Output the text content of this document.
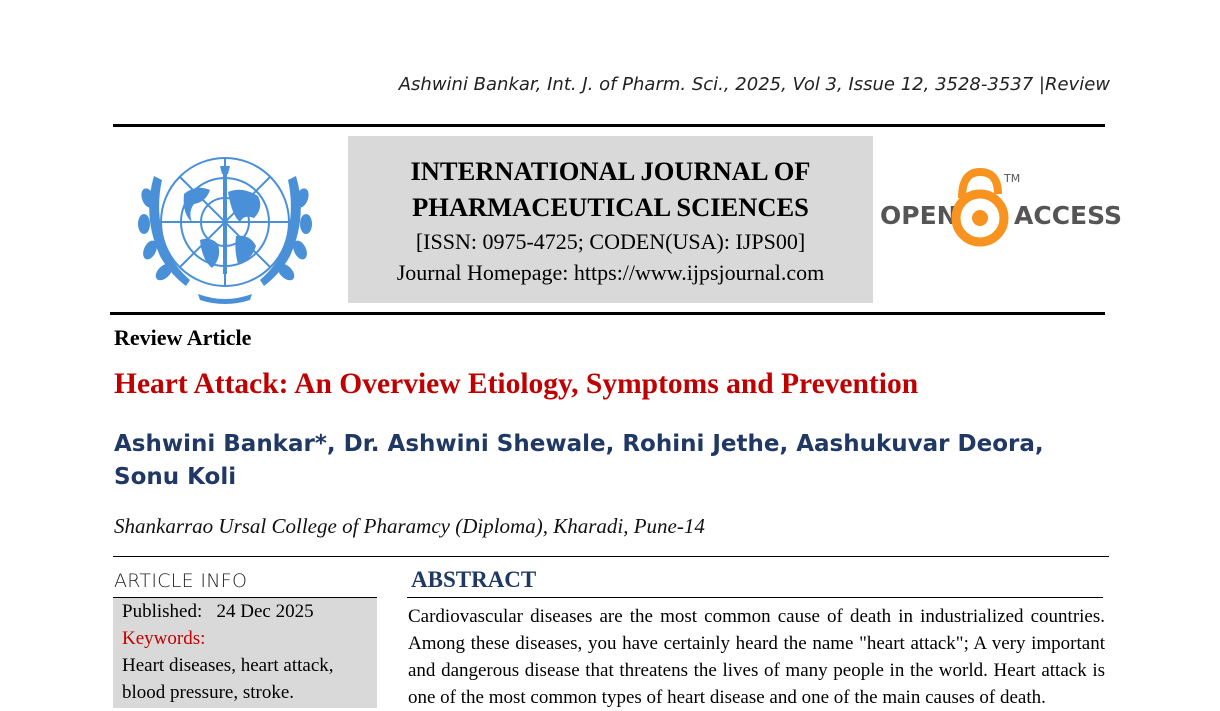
Ashwini Bankar, Int. J. of Pharm. Sci., 2025, Vol 3, Issue 12, 3528-3537 |Review
INTERNATIONAL JOURNAL OF
PHARMACEUTICAL SCIENCES
[ISSN: 0975-4725; CODEN(USA): IJPS00]
Journal Homepage: https://www.ijpsjournal.com
OPEN ACCESS
TM
Review Article
Heart Attack: An Overview Etiology, Symptoms and Prevention
Ashwini Bankar*, Dr. Ashwini Shewale, Rohini Jethe, Aashukuvar Deora, Sonu Koli
Shankarrao Ursal College of Pharamcy (Diploma), Kharadi, Pune-14
ARTICLE INFO
Published: 24 Dec 2025
Keywords:
Heart diseases, heart attack,
blood pressure, stroke.
ABSTRACT
Cardiovascular diseases are the most common cause of death in industrialized countries. Among these diseases, you have certainly heard the name "heart attack"; A very important and dangerous disease that threatens the lives of many people in the world. Heart attack is one of the most common types of heart disease and one of the main causes of death.
